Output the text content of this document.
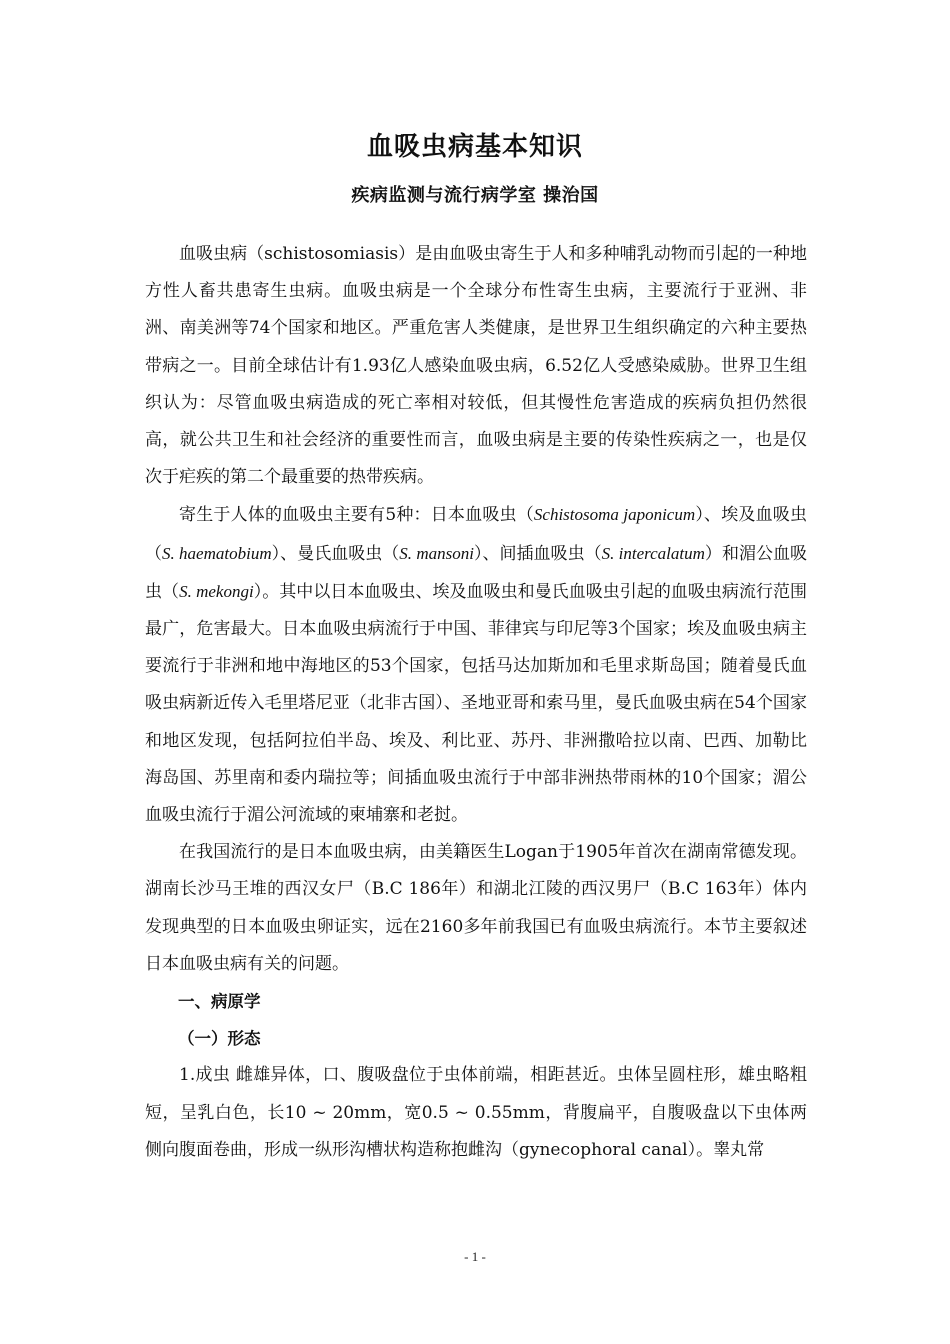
血吸虫病基本知识
疾病监测与流行病学室 操治国

血吸虫病（schistosomiasis）是由血吸虫寄生于人和多种哺乳动物而引起的一种地方性人畜共患寄生虫病。血吸虫病是一个全球分布性寄生虫病，主要流行于亚洲、非洲、南美洲等74个国家和地区。严重危害人类健康，是世界卫生组织确定的六种主要热带病之一。目前全球估计有1.93亿人感染血吸虫病，6.52亿人受感染威胁。世界卫生组织认为：尽管血吸虫病造成的死亡率相对较低，但其慢性危害造成的疾病负担仍然很高，就公共卫生和社会经济的重要性而言，血吸虫病是主要的传染性疾病之一，也是仅次于疟疾的第二个最重要的热带疾病。

寄生于人体的血吸虫主要有5种：日本血吸虫（Schistosoma japonicum）、埃及血吸虫（S. haematobium）、曼氏血吸虫（S. mansoni）、间插血吸虫（S. intercalatum）和湄公血吸虫（S. mekongi）。其中以日本血吸虫、埃及血吸虫和曼氏血吸虫引起的血吸虫病流行范围最广，危害最大。日本血吸虫病流行于中国、菲律宾与印尼等3个国家；埃及血吸虫病主要流行于非洲和地中海地区的53个国家，包括马达加斯加和毛里求斯岛国；随着曼氏血吸虫病新近传入毛里塔尼亚（北非古国）、圣地亚哥和索马里，曼氏血吸虫病在54个国家和地区发现，包括阿拉伯半岛、埃及、利比亚、苏丹、非洲撒哈拉以南、巴西、加勒比海岛国、苏里南和委内瑞拉等；间插血吸虫流行于中部非洲热带雨林的10个国家；湄公血吸虫流行于湄公河流域的柬埔寨和老挝。

在我国流行的是日本血吸虫病，由美籍医生Logan于1905年首次在湖南常德发现。湖南长沙马王堆的西汉女尸（B.C 186年）和湖北江陵的西汉男尸（B.C 163年）体内发现典型的日本血吸虫卵证实，远在2160多年前我国已有血吸虫病流行。本节主要叙述日本血吸虫病有关的问题。

一、病原学

（一）形态

1.成虫 雌雄异体，口、腹吸盘位于虫体前端，相距甚近。虫体呈圆柱形，雄虫略粗短，呈乳白色，长10 ~ 20mm，宽0.5 ~ 0.55mm，背腹扁平，自腹吸盘以下虫体两侧向腹面卷曲，形成一纵形沟槽状构造称抱雌沟（gynecophoral canal）。睾丸常

- 1 -
